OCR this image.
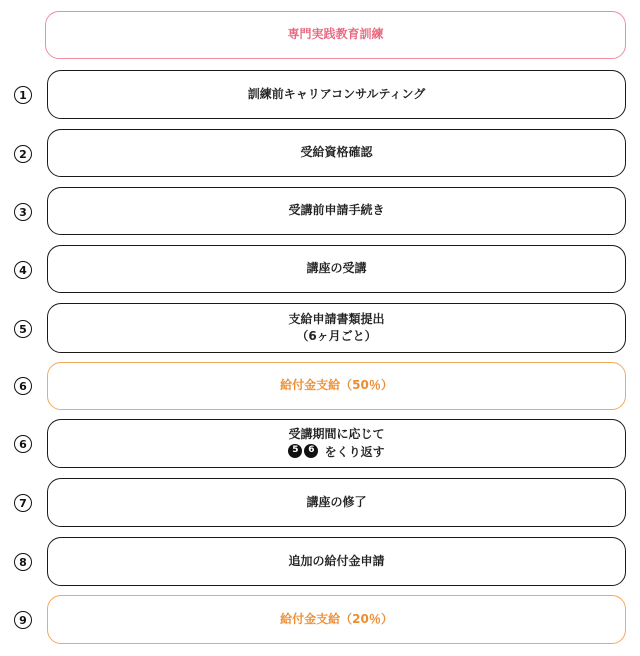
専門実践教育訓練
1	訓練前キャリアコンサルティング
2	受給資格確認
3	受講前申請手続き
4	講座の受講
5
支給申請書類提出
（6ヶ月ごと）
6	給付金支給（50％）
6
受講期間に応じて
5 6 をくり返す
7	講座の修了
8	追加の給付金申請
9	給付金支給（20％）
